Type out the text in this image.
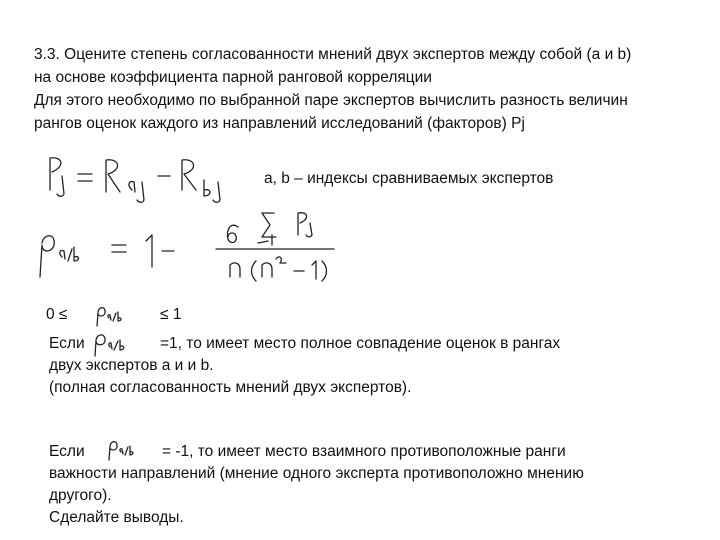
3.3. Оцените степень согласованности мнений двух экспертов между собой (а и b)
на основе коэффициента парной ранговой корреляции
Для этого необходимо по выбранной паре экспертов вычислить разность величин
рангов оценок каждого из направлений исследований (факторов) Pj
a, b – индексы сравниваемых экспертов
0 ≤	≤ 1
Если	=1, то имеет место полное совпадение оценок в рангах
двух экспертов а и и b.
(полная согласованность мнений двух экспертов).
Если	= -1, то имеет место взаимного противоположные ранги
важности направлений (мнение одного эксперта противоположно мнению
другого).
Сделайте выводы.
